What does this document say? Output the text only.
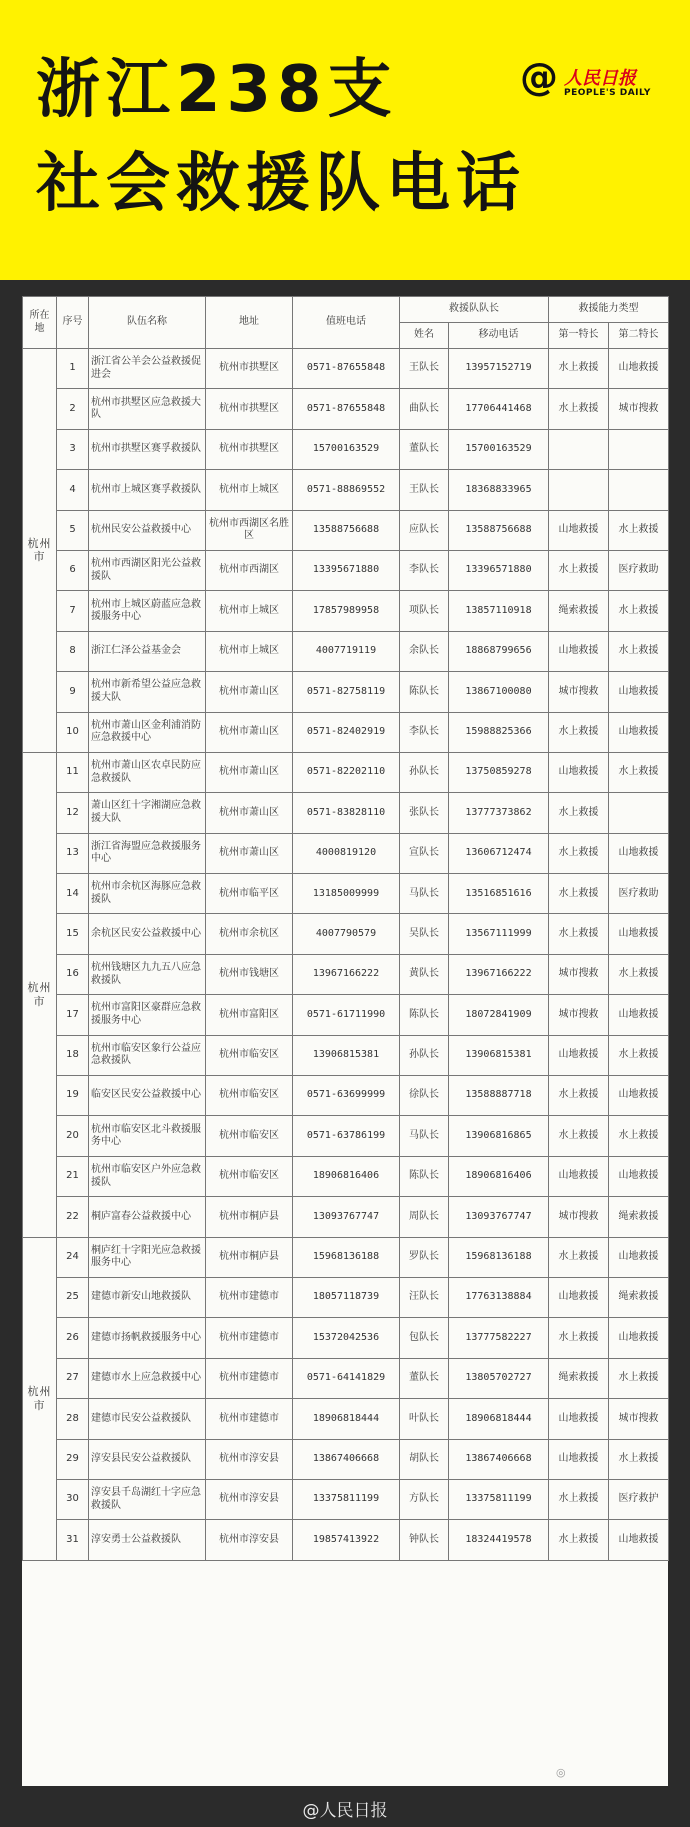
浙江238支
社会救援队电话
@ 人民日报
PEOPLE'S DAILY
所在地	序号	队伍名称	地址	值班电话	救援队队长		救援能力类型	
					姓名	移动电话	第一特长	第二特长
杭州市	1	浙江省公羊会公益救援促进会	杭州市拱墅区	0571-87655848	王队长	13957152719	水上救援	山地救援
	2	杭州市拱墅区应急救援大队	杭州市拱墅区	0571-87655848	曲队长	17706441468	水上救援	城市搜救
	3	杭州市拱墅区赛孚救援队	杭州市拱墅区	15700163529	董队长	15700163529		
	4	杭州市上城区赛孚救援队	杭州市上城区	0571-88869552	王队长	18368833965		
	5	杭州民安公益救援中心	杭州市西湖区名胜区	13588756688	应队长	13588756688	山地救援	水上救援
	6	杭州市西湖区阳光公益救援队	杭州市西湖区	13395671880	李队长	13396571880	水上救援	医疗救助
	7	杭州市上城区蔚蓝应急救援服务中心	杭州市上城区	17857989958	项队长	13857110918	绳索救援	水上救援
	8	浙江仁泽公益基金会	杭州市上城区	4007719119	余队长	18868799656	山地救援	水上救援
	9	杭州市新希望公益应急救援大队	杭州市萧山区	0571-82758119	陈队长	13867100080	城市搜救	山地救援
	10	杭州市萧山区金利浦消防应急救援中心	杭州市萧山区	0571-82402919	李队长	15988825366	水上救援	山地救援
杭州市	11	杭州市萧山区农卓民防应急救援队	杭州市萧山区	0571-82202110	孙队长	13750859278	山地救援	水上救援
	12	萧山区红十字湘湖应急救援大队	杭州市萧山区	0571-83828110	张队长	13777373862	水上救援	
	13	浙江省海盟应急救援服务中心	杭州市萧山区	4000819120	宣队长	13606712474	水上救援	山地救援
	14	杭州市余杭区海豚应急救援队	杭州市临平区	13185009999	马队长	13516851616	水上救援	医疗救助
	15	余杭区民安公益救援中心	杭州市余杭区	4007790579	吴队长	13567111999	水上救援	山地救援
	16	杭州钱塘区九九五八应急救援队	杭州市钱塘区	13967166222	黄队长	13967166222	城市搜救	水上救援
	17	杭州市富阳区豪群应急救援服务中心	杭州市富阳区	0571-61711990	陈队长	18072841909	城市搜救	山地救援
	18	杭州市临安区象行公益应急救援队	杭州市临安区	13906815381	孙队长	13906815381	山地救援	水上救援
	19	临安区民安公益救援中心	杭州市临安区	0571-63699999	徐队长	13588887718	水上救援	山地救援
	20	杭州市临安区北斗救援服务中心	杭州市临安区	0571-63786199	马队长	13906816865	水上救援	水上救援
	21	杭州市临安区户外应急救援队	杭州市临安区	18906816406	陈队长	18906816406	山地救援	山地救援
	22	桐庐富春公益救援中心	杭州市桐庐县	13093767747	周队长	13093767747	城市搜救	绳索救援
杭州市	24	桐庐红十字阳光应急救援服务中心	杭州市桐庐县	15968136188	罗队长	15968136188	水上救援	山地救援
	25	建德市新安山地救援队	杭州市建德市	18057118739	汪队长	17763138884	山地救援	绳索救援
	26	建德市扬帆救援服务中心	杭州市建德市	15372042536	包队长	13777582227	水上救援	山地救援
	27	建德市水上应急救援中心	杭州市建德市	0571-64141829	董队长	13805702727	绳索救援	水上救援
	28	建德市民安公益救援队	杭州市建德市	18906818444	叶队长	18906818444	山地救援	城市搜救
	29	淳安县民安公益救援队	杭州市淳安县	13867406668	胡队长	13867406668	山地救援	水上救援
	30	淳安县千岛湖红十字应急救援队	杭州市淳安县	13375811199	方队长	13375811199	水上救援	医疗救护
	31	淳安勇士公益救援队	杭州市淳安县	19857413922	钟队长	18324419578	水上救援	山地救援
◎
@人民日报
